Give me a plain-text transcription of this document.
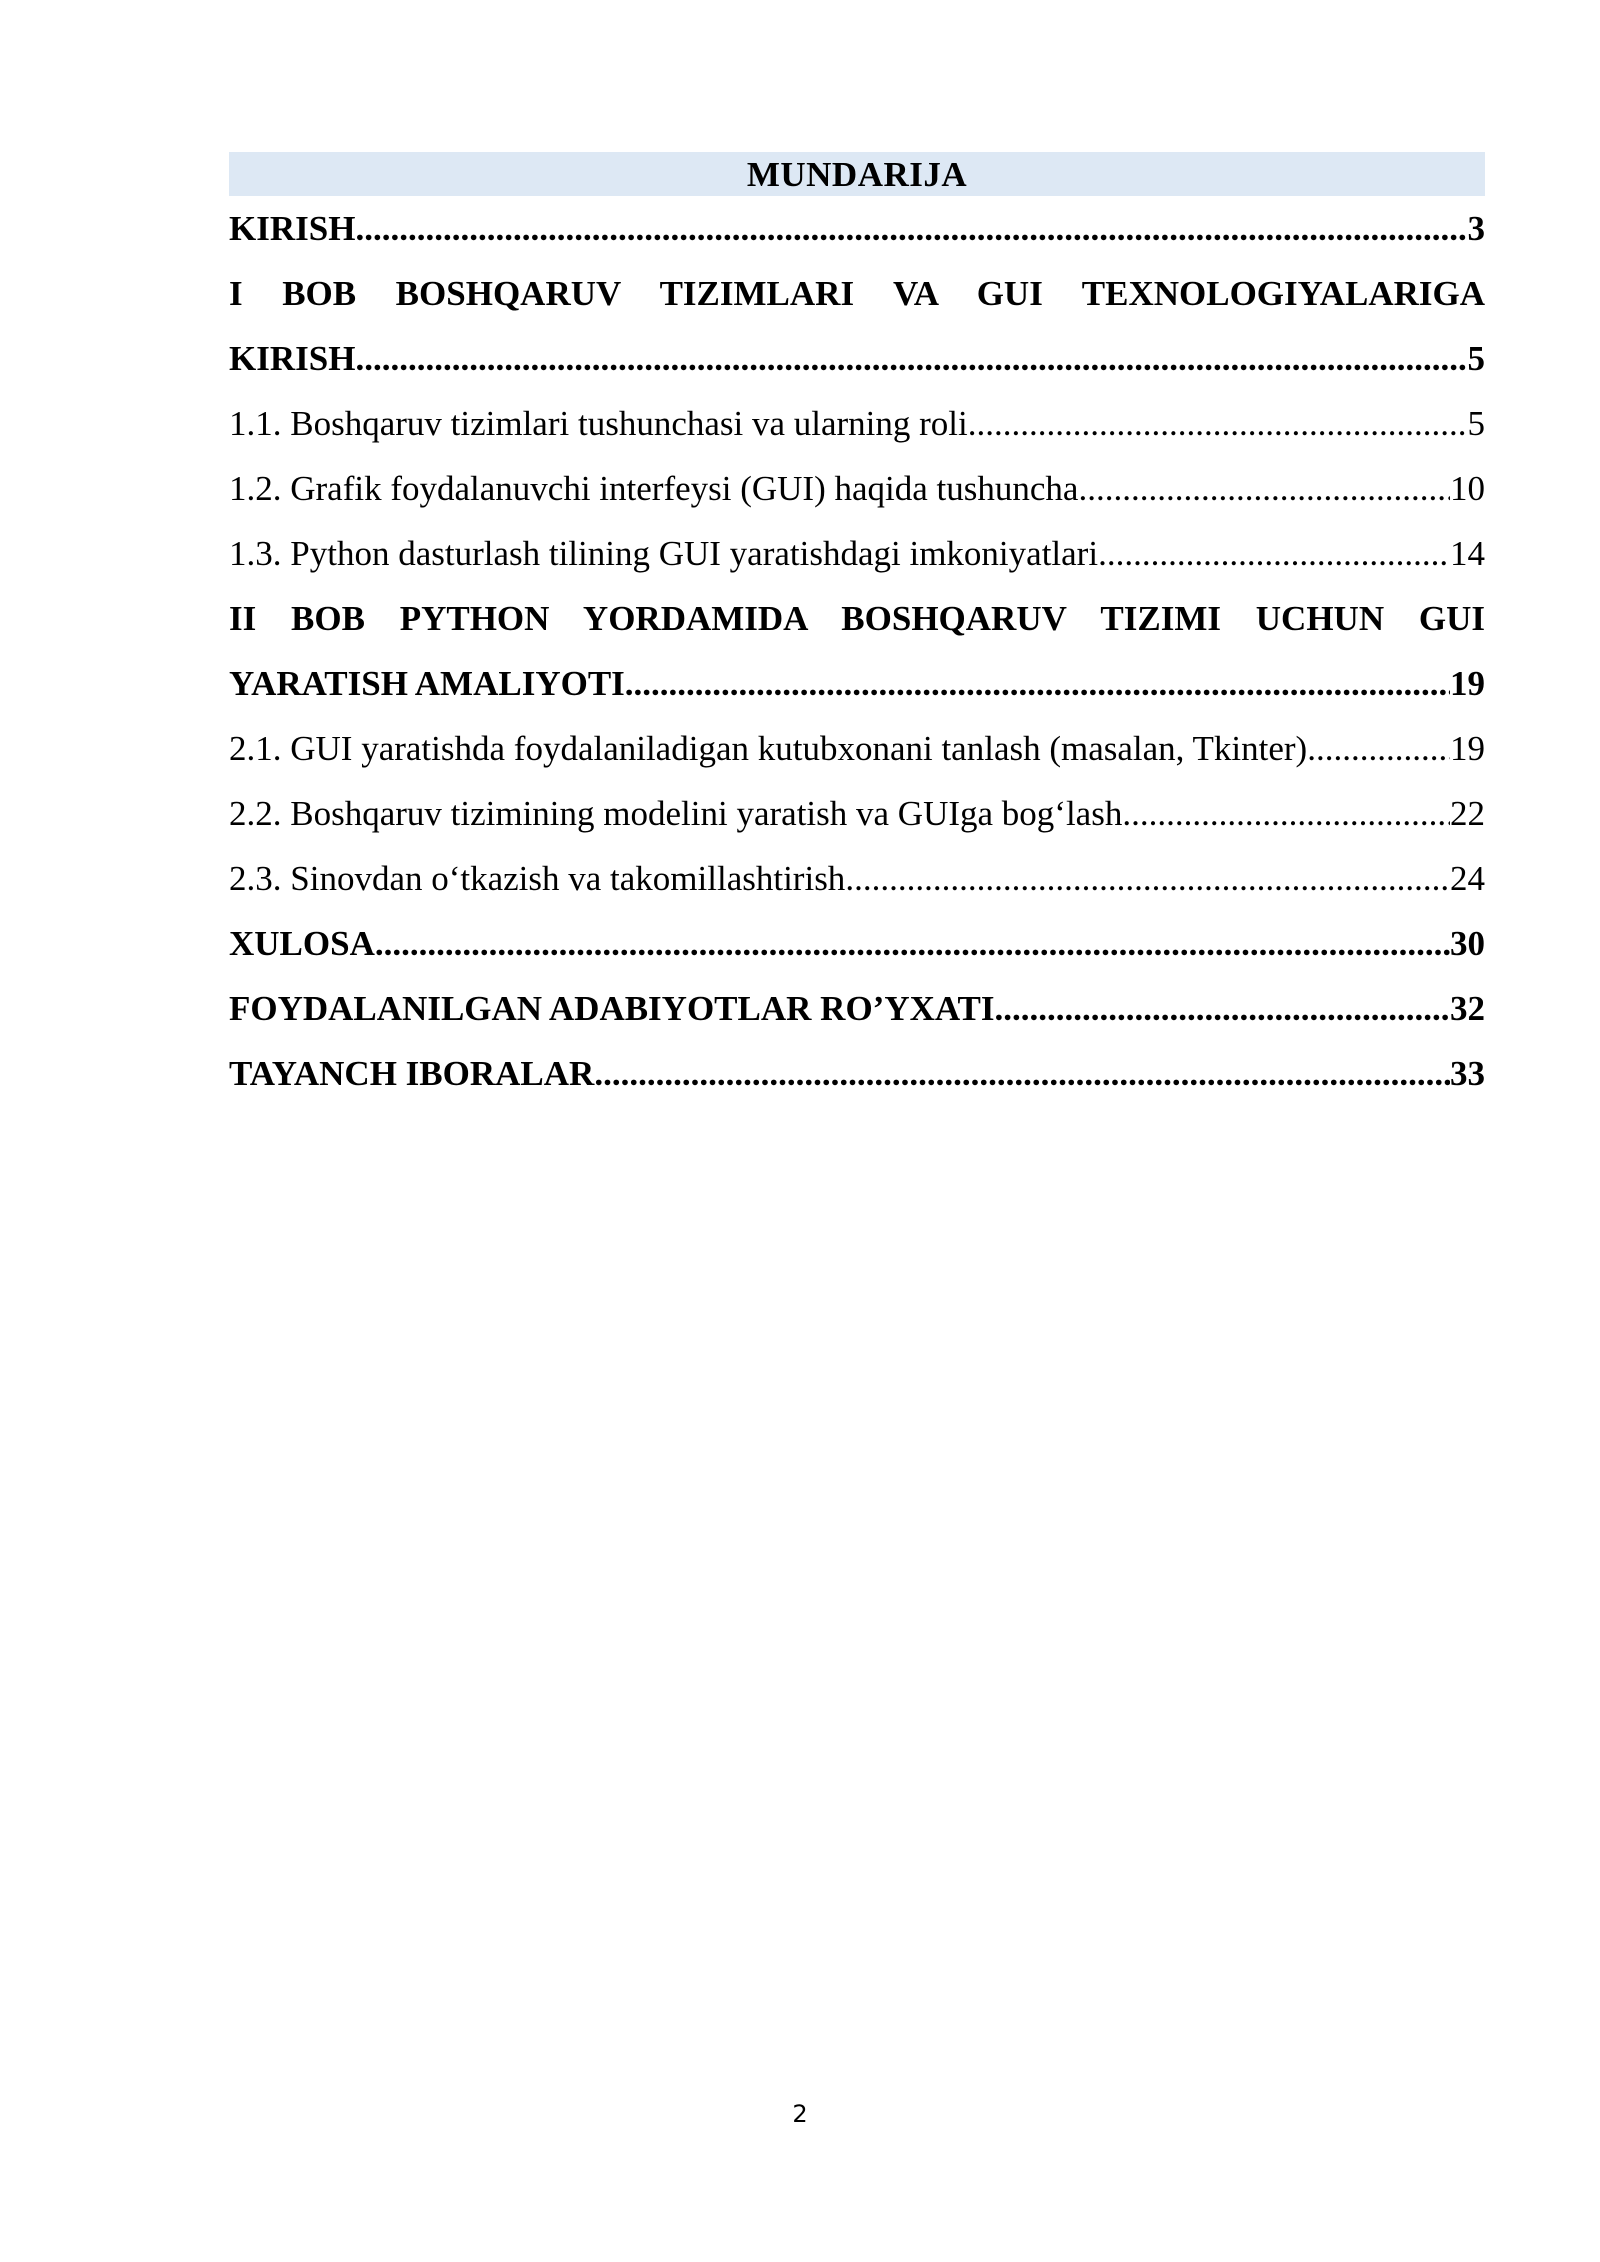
MUNDARIJA
KIRISH .....	3
I BOB BOSHQARUV TIZIMLARI VA GUI TEXNOLOGIYALARIGA
KIRISH .....	5
1.1. Boshqaruv tizimlari tushunchasi va ularning roli .....	5
1.2. Grafik foydalanuvchi interfeysi (GUI) haqida tushuncha .....	10
1.3. Python dasturlash tilining GUI yaratishdagi imkoniyatlari .....	14
II BOB PYTHON YORDAMIDA BOSHQARUV TIZIMI UCHUN GUI
YARATISH AMALIYOTI .....	19
2.1. GUI yaratishda foydalaniladigan kutubxonani tanlash (masalan, Tkinter) .....	19
2.2. Boshqaruv tizimining modelini yaratish va GUIga bog‘lash .....	22
2.3. Sinovdan o‘tkazish va takomillashtirish .....	24
XULOSA .....	30
FOYDALANILGAN ADABIYOTLAR RO’YXATI .....	32
TAYANCH IBORALAR .....	33
2
